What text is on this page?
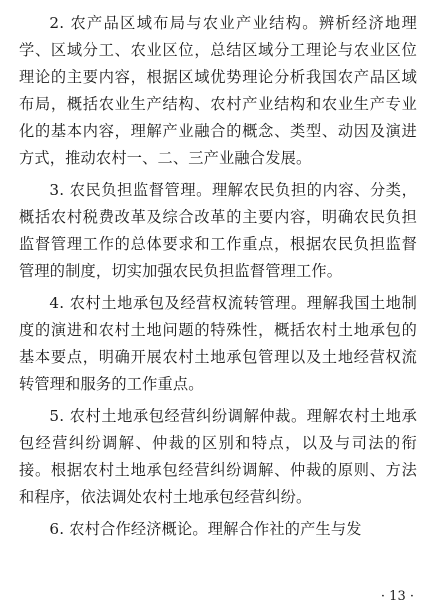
2. 农产品区域布局与农业产业结构。辨析经济地理学、区域分工、农业区位，总结区域分工理论与农业区位理论的主要内容，根据区域优势理论分析我国农产品区域布局，概括农业生产结构、农村产业结构和农业生产专业化的基本内容，理解产业融合的概念、类型、动因及演进方式，推动农村一、二、三产业融合发展。

3. 农民负担监督管理。理解农民负担的内容、分类，概括农村税费改革及综合改革的主要内容，明确农民负担监督管理工作的总体要求和工作重点，根据农民负担监督管理的制度，切实加强农民负担监督管理工作。

4. 农村土地承包及经营权流转管理。理解我国土地制度的演进和农村土地问题的特殊性，概括农村土地承包的基本要点，明确开展农村土地承包管理以及土地经营权流转管理和服务的工作重点。

5. 农村土地承包经营纠纷调解仲裁。理解农村土地承包经营纠纷调解、仲裁的区别和特点，以及与司法的衔接。根据农村土地承包经营纠纷调解、仲裁的原则、方法和程序，依法调处农村土地承包经营纠纷。

6. 农村合作经济概论。理解合作社的产生与发

· 13 ·
